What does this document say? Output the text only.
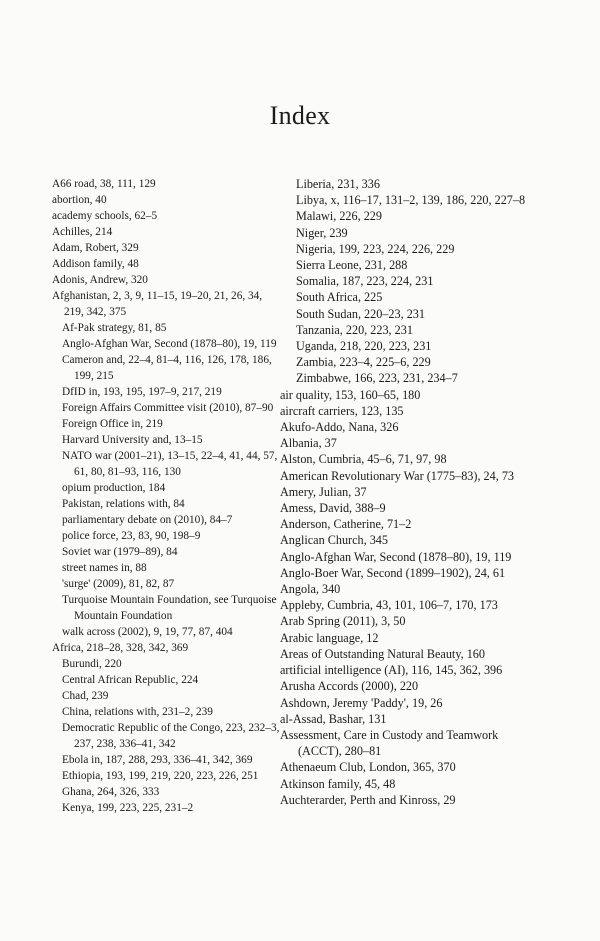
Index
A66 road, 38, 111, 129
abortion, 40
academy schools, 62–5
Achilles, 214
Adam, Robert, 329
Addison family, 48
Adonis, Andrew, 320
Afghanistan, 2, 3, 9, 11–15, 19–20, 21, 26, 34, 219, 342, 375
Af-Pak strategy, 81, 85
Anglo-Afghan War, Second (1878–80), 19, 119
Cameron and, 22–4, 81–4, 116, 126, 178, 186, 199, 215
DfID in, 193, 195, 197–9, 217, 219
Foreign Affairs Committee visit (2010), 87–90
Foreign Office in, 219
Harvard University and, 13–15
NATO war (2001–21), 13–15, 22–4, 41, 44, 57, 61, 80, 81–93, 116, 130
opium production, 184
Pakistan, relations with, 84
parliamentary debate on (2010), 84–7
police force, 23, 83, 90, 198–9
Soviet war (1979–89), 84
street names in, 88
'surge' (2009), 81, 82, 87
Turquoise Mountain Foundation, see Turquoise Mountain Foundation
walk across (2002), 9, 19, 77, 87, 404
Africa, 218–28, 328, 342, 369
Burundi, 220
Central African Republic, 224
Chad, 239
China, relations with, 231–2, 239
Democratic Republic of the Congo, 223, 232–3, 237, 238, 336–41, 342
Ebola in, 187, 288, 293, 336–41, 342, 369
Ethiopia, 193, 199, 219, 220, 223, 226, 251
Ghana, 264, 326, 333
Kenya, 199, 223, 225, 231–2
Liberia, 231, 336
Libya, x, 116–17, 131–2, 139, 186, 220, 227–8
Malawi, 226, 229
Niger, 239
Nigeria, 199, 223, 224, 226, 229
Sierra Leone, 231, 288
Somalia, 187, 223, 224, 231
South Africa, 225
South Sudan, 220–23, 231
Tanzania, 220, 223, 231
Uganda, 218, 220, 223, 231
Zambia, 223–4, 225–6, 229
Zimbabwe, 166, 223, 231, 234–7
air quality, 153, 160–65, 180
aircraft carriers, 123, 135
Akufo-Addo, Nana, 326
Albania, 37
Alston, Cumbria, 45–6, 71, 97, 98
American Revolutionary War (1775–83), 24, 73
Amery, Julian, 37
Amess, David, 388–9
Anderson, Catherine, 71–2
Anglican Church, 345
Anglo-Afghan War, Second (1878–80), 19, 119
Anglo-Boer War, Second (1899–1902), 24, 61
Angola, 340
Appleby, Cumbria, 43, 101, 106–7, 170, 173
Arab Spring (2011), 3, 50
Arabic language, 12
Areas of Outstanding Natural Beauty, 160
artificial intelligence (AI), 116, 145, 362, 396
Arusha Accords (2000), 220
Ashdown, Jeremy 'Paddy', 19, 26
al-Assad, Bashar, 131
Assessment, Care in Custody and Teamwork (ACCT), 280–81
Athenaeum Club, London, 365, 370
Atkinson family, 45, 48
Auchterarder, Perth and Kinross, 29
